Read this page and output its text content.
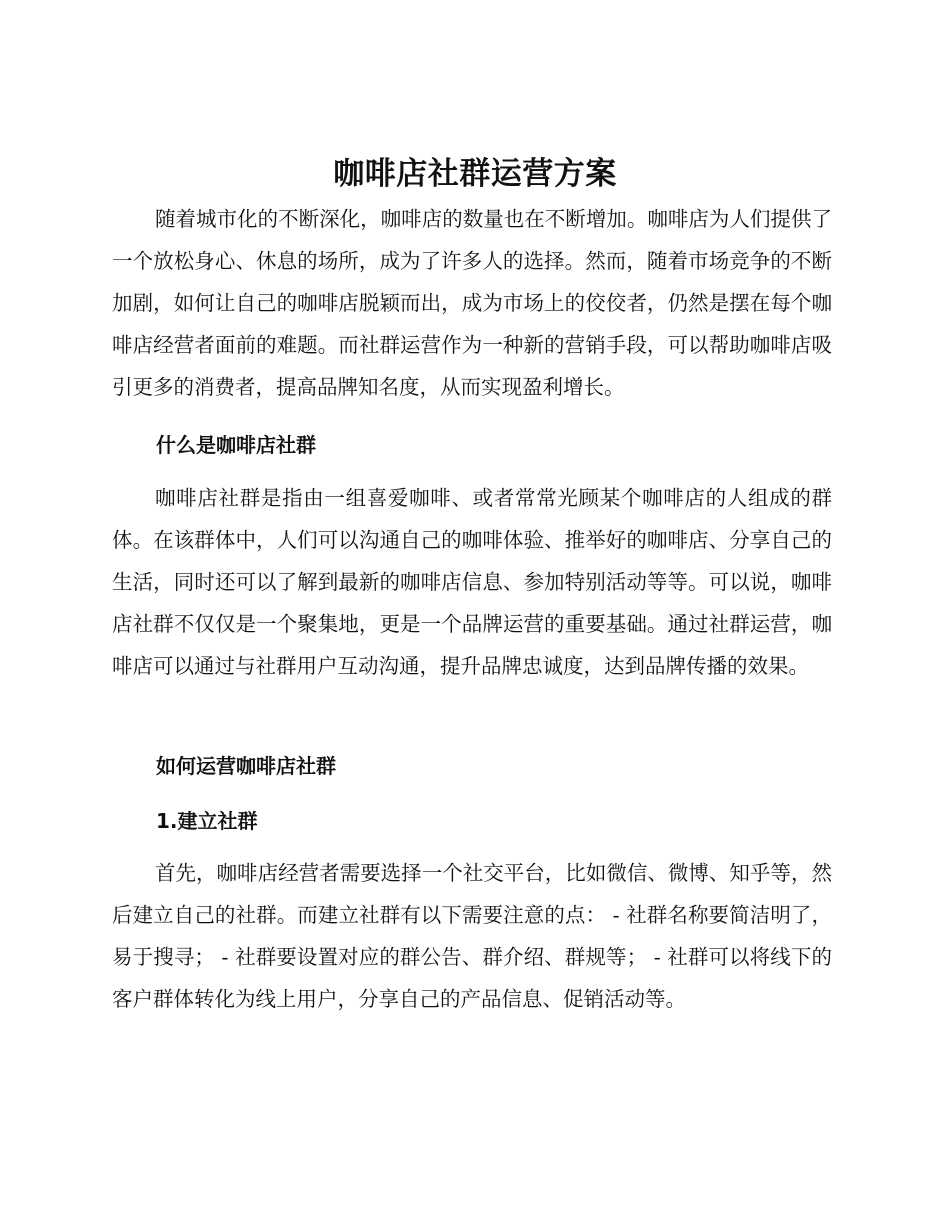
咖啡店社群运营方案

随着城市化的不断深化，咖啡店的数量也在不断增加。咖啡店为人们提供了一个放松身心、休息的场所，成为了许多人的选择。然而，随着市场竞争的不断加剧，如何让自己的咖啡店脱颖而出，成为市场上的佼佼者，仍然是摆在每个咖啡店经营者面前的难题。而社群运营作为一种新的营销手段，可以帮助咖啡店吸引更多的消费者，提高品牌知名度，从而实现盈利增长。

什么是咖啡店社群

咖啡店社群是指由一组喜爱咖啡、或者常常光顾某个咖啡店的人组成的群体。在该群体中，人们可以沟通自己的咖啡体验、推举好的咖啡店、分享自己的生活，同时还可以了解到最新的咖啡店信息、参加特别活动等等。可以说，咖啡店社群不仅仅是一个聚集地，更是一个品牌运营的重要基础。通过社群运营，咖啡店可以通过与社群用户互动沟通，提升品牌忠诚度，达到品牌传播的效果。

如何运营咖啡店社群
1.建立社群

首先，咖啡店经营者需要选择一个社交平台，比如微信、微博、知乎等，然后建立自己的社群。而建立社群有以下需要注意的点： - 社群名称要简洁明了，易于搜寻； - 社群要设置对应的群公告、群介绍、群规等； - 社群可以将线下的客户群体转化为线上用户，分享自己的产品信息、促销活动等。
